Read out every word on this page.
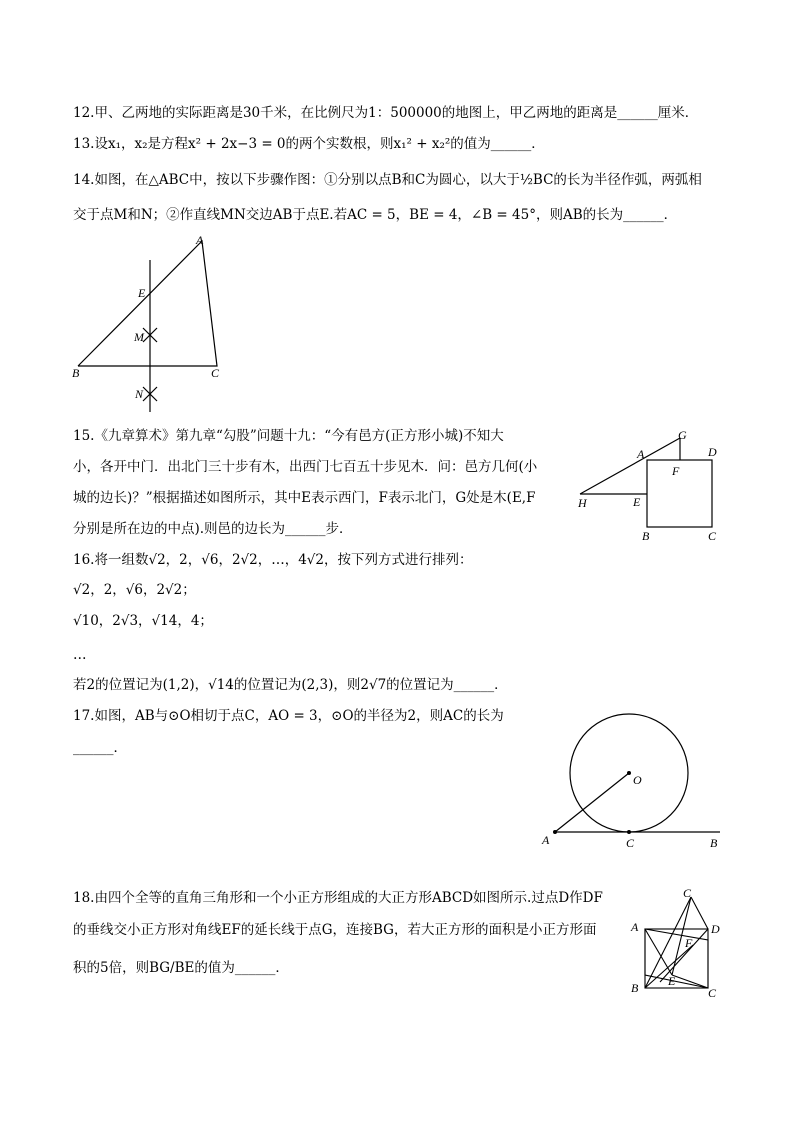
12.甲、乙两地的实际距离是30千米，在比例尺为1：500000的地图上，甲乙两地的距离是______厘米．
13.设x₁，x₂是方程x² + 2x−3 = 0的两个实数根，则x₁² + x₂²的值为______．
14.如图，在△ABC中，按以下步骤作图：①分别以点B和C为圆心，以大于½BC的长为半径作弧，两弧相
交于点M和N；②作直线MN交边AB于点E.若AC = 5，BE = 4，∠B = 45°，则AB的长为______．
A
E
M
B	C
N
15.《九章算术》第九章“勾股”问题十九：“今有邑方(正方形小城)不知大
小，各开中门．出北门三十步有木，出西门七百五十步见木．问：邑方几何(小
城的边长)？”根据描述如图所示，其中E表示西门，F表示北门，G处是木(E,F
分别是所在边的中点).则邑的边长为______步．
G
A	D
F
H	E
B	C
16.将一组数√2，2，√6，2√2，…，4√2，按下列方式进行排列：
√2，2，√6，2√2；
√10，2√3，√14，4；
…
若2的位置记为(1,2)，√14的位置记为(2,3)，则2√7的位置记为______．
17.如图，AB与⊙O相切于点C，AO = 3，⊙O的半径为2，则AC的长为
______．
O
A	C	B
18.由四个全等的直角三角形和一个小正方形组成的大正方形ABCD如图所示.过点D作DF
的垂线交小正方形对角线EF的延长线于点G，连接BG，若大正方形的面积是小正方形面
积的5倍，则BG/BE的值为______．
C
A	D
F
E
B	C
